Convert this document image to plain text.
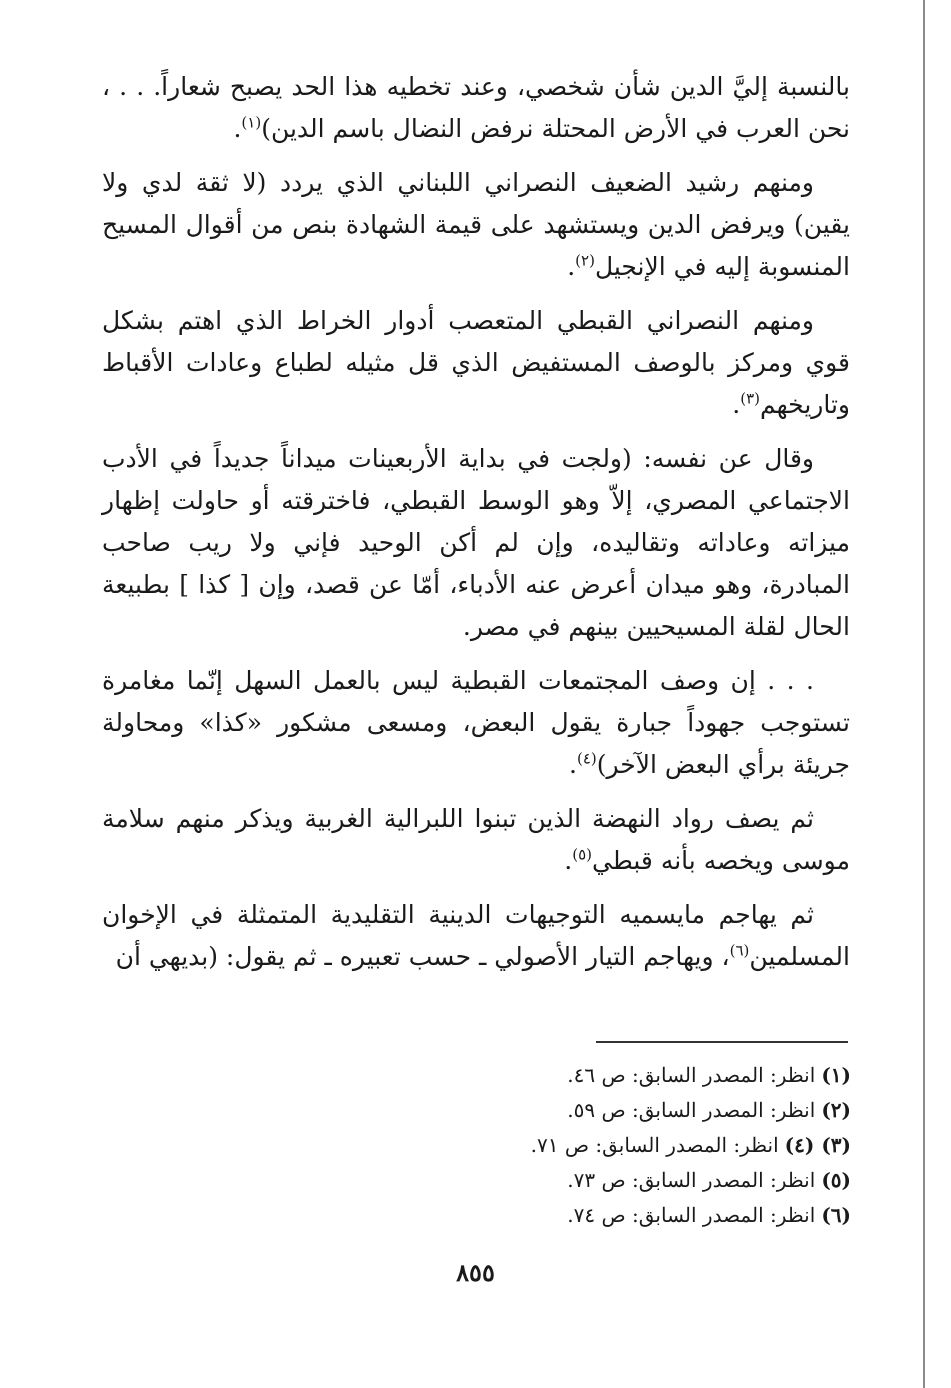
بالنسبة إليَّ الدين شأن شخصي، وعند تخطيه هذا الحد يصبح شعاراً. . . ، نحن العرب في الأرض المحتلة نرفض النضال باسم الدين)$^{(١)}$.

ومنهم رشيد الضعيف النصراني اللبناني الذي يردد (لا ثقة لدي ولا يقين) ويرفض الدين ويستشهد على قيمة الشهادة بنص من أقوال المسيح المنسوبة إليه في الإنجيل$^{(٢)}$.

ومنهم النصراني القبطي المتعصب أدوار الخراط الذي اهتم بشكل قوي ومركز بالوصف المستفيض الذي قل مثيله لطباع وعادات الأقباط وتاريخهم$^{(٣)}$.

وقال عن نفسه: (ولجت في بداية الأربعينات ميداناً جديداً في الأدب الاجتماعي المصري، إلاّ وهو الوسط القبطي، فاخترقته أو حاولت إظهار ميزاته وعاداته وتقاليده، وإن لم أكن الوحيد فإني ولا ريب صاحب المبادرة، وهو ميدان أعرض عنه الأدباء، أمّا عن قصد، وإن [ كذا ] بطبيعة الحال لقلة المسيحيين بينهم في مصر.

. . . إن وصف المجتمعات القبطية ليس بالعمل السهل إنّما مغامرة تستوجب جهوداً جبارة يقول البعض، ومسعى مشكور «كذا» ومحاولة جريئة برأي البعض الآخر)$^{(٤)}$.

ثم يصف رواد النهضة الذين تبنوا اللبرالية الغربية ويذكر منهم سلامة موسى ويخصه بأنه قبطي$^{(٥)}$.

ثم يهاجم مايسميه التوجيهات الدينية التقليدية المتمثلة في الإخوان المسلمين$^{(٦)}$، ويهاجم التيار الأصولي ـ حسب تعبيره ـ ثم يقول: (بديهي أن

(١)انظر: المصدر السابق: ص ٤٦.

(٢)انظر: المصدر السابق: ص ٥٩.

(٣) (٤)انظر: المصدر السابق: ص ٧١.

(٥)انظر: المصدر السابق: ص ٧٣.

(٦)انظر: المصدر السابق: ص ٧٤.

٨٥٥
